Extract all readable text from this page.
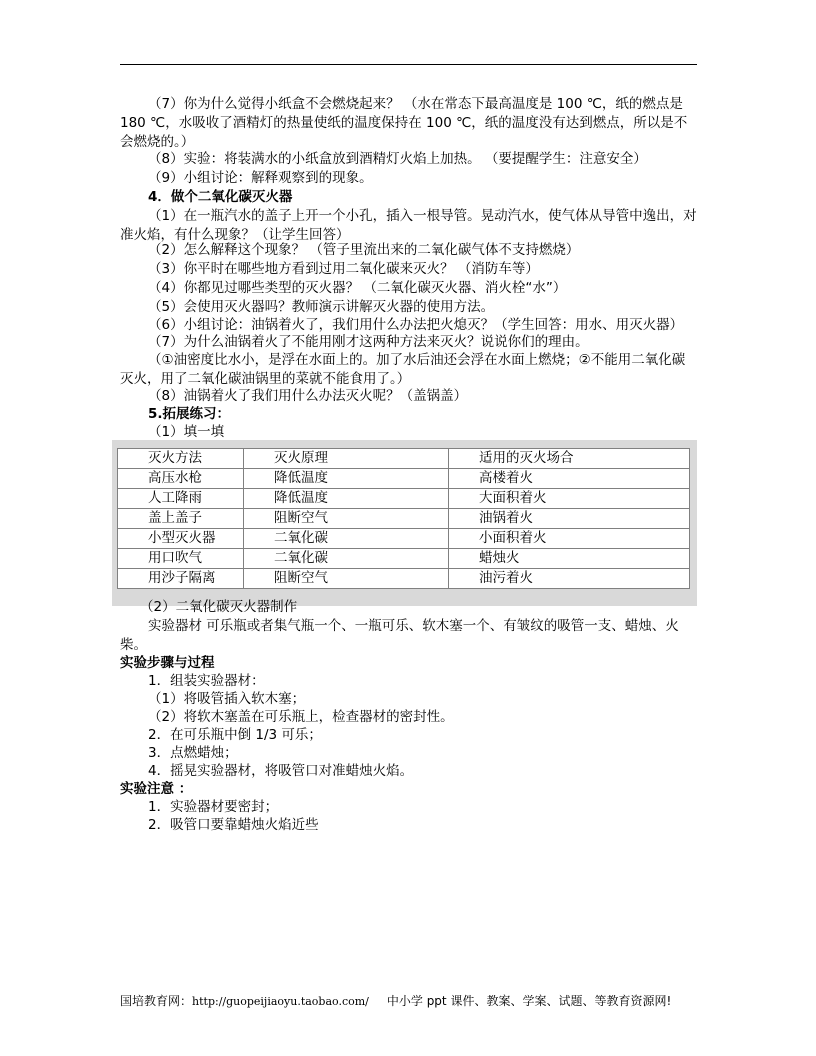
（7）你为什么觉得小纸盒不会燃烧起来？ （水在常态下最高温度是 100 ℃，纸的燃点是 180 ℃，水吸收了酒精灯的热量使纸的温度保持在 100 ℃，纸的温度没有达到燃点，所以是不会燃烧的。）
（8）实验：将装满水的小纸盒放到酒精灯火焰上加热。 （要提醒学生：注意安全）
（9）小组讨论：解释观察到的现象。
4．做个二氧化碳灭火器
（1）在一瓶汽水的盖子上开一个小孔，插入一根导管。晃动汽水，使气体从导管中逸出，对准火焰，有什么现象？（让学生回答）
（2）怎么解释这个现象？ （管子里流出来的二氧化碳气体不支持燃烧）
（3）你平时在哪些地方看到过用二氧化碳来灭火？ （消防车等）
（4）你都见过哪些类型的灭火器？ （二氧化碳灭火器、消火栓“水”）
（5）会使用灭火器吗？教师演示讲解灭火器的使用方法。
（6）小组讨论：油锅着火了，我们用什么办法把火熄灭？（学生回答：用水、用灭火器）
（7）为什么油锅着火了不能用刚才这两种方法来灭火？说说你们的理由。
（①油密度比水小，是浮在水面上的。加了水后油还会浮在水面上燃烧；②不能用二氧化碳灭火，用了二氧化碳油锅里的菜就不能食用了。）
（8）油锅着火了我们用什么办法灭火呢？（盖锅盖）
5.拓展练习：
（1）填一填
灭火方法	灭火原理	适用的灭火场合
高压水枪	降低温度	高楼着火
人工降雨	降低温度	大面积着火
盖上盖子	阻断空气	油锅着火
小型灭火器	二氧化碳	小面积着火
用口吹气	二氧化碳	蜡烛火
用沙子隔离	阻断空气	油污着火
（2）二氧化碳灭火器制作
实验器材 可乐瓶或者集气瓶一个、一瓶可乐、软木塞一个、有皱纹的吸管一支、蜡烛、火柴。
实验步骤与过程
1．组装实验器材：
（1）将吸管插入软木塞；
（2）将软木塞盖在可乐瓶上，检查器材的密封性。
2．在可乐瓶中倒 1/3 可乐；
3．点燃蜡烛；
4．摇晃实验器材，将吸管口对准蜡烛火焰。
实验注意 ：
1．实验器材要密封；
2．吸管口要靠蜡烛火焰近些
国培教育网：http://guopeijiaoyu.taobao.com/ 中小学 ppt 课件、教案、学案、试题、等教育资源网!
